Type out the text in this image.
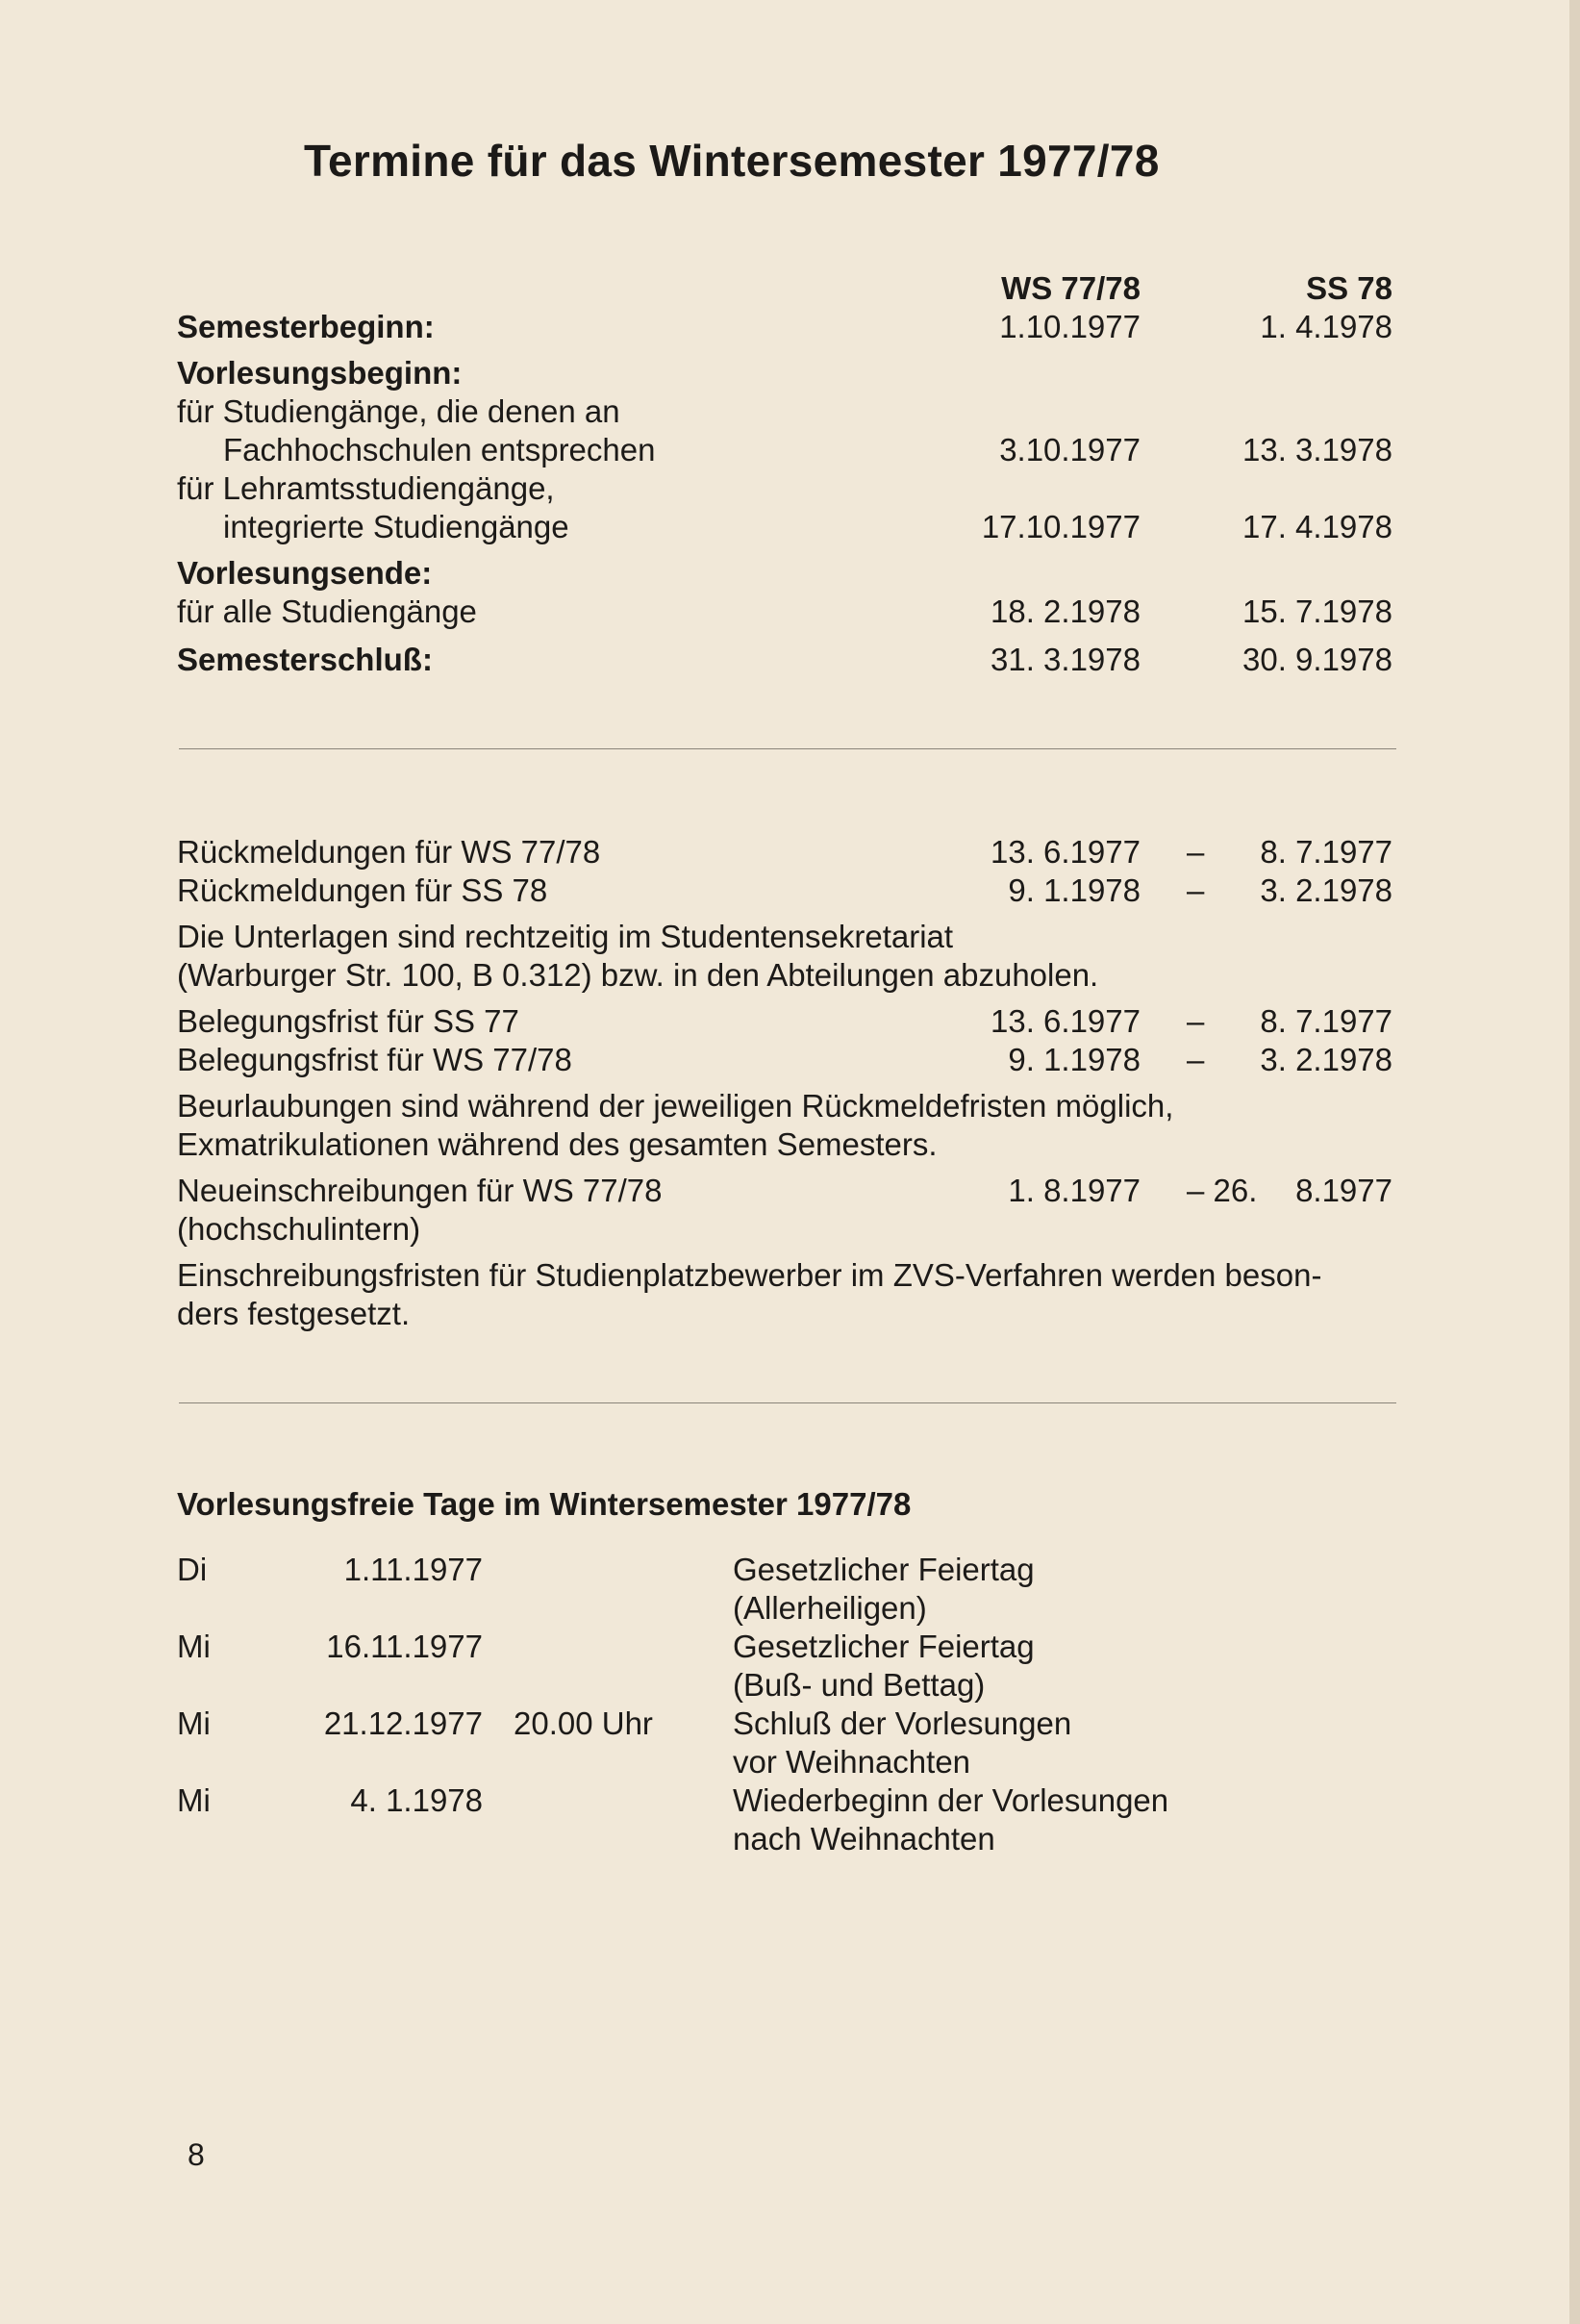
Termine für das Wintersemester 1977/78
WS 77/78	SS 78
Semesterbeginn:	1.10.1977	1. 4.1978
Vorlesungsbeginn:
für Studiengänge, die denen an
Fachhochschulen entsprechen	3.10.1977	13. 3.1978
für Lehramtsstudiengänge,
integrierte Studiengänge	17.10.1977	17. 4.1978
Vorlesungsende:
für alle Studiengänge	18. 2.1978	15. 7.1978
Semesterschluß:	31. 3.1978	30. 9.1978
Rückmeldungen für WS 77/78	13. 6.1977 –	8. 7.1977
Rückmeldungen für SS 78	9. 1.1978 –	3. 2.1978
Die Unterlagen sind rechtzeitig im Studentensekretariat
(Warburger Str. 100, B 0.312) bzw. in den Abteilungen abzuholen.
Belegungsfrist für SS 77	13. 6.1977 –	8. 7.1977
Belegungsfrist für WS 77/78	9. 1.1978 –	3. 2.1978
Beurlaubungen sind während der jeweiligen Rückmeldefristen möglich,
Exmatrikulationen während des gesamten Semesters.
Neueinschreibungen für WS 77/78	1. 8.1977 – 26.	8.1977
(hochschulintern)
Einschreibungsfristen für Studienplatzbewerber im ZVS-Verfahren werden beson-
ders festgesetzt.
Vorlesungsfreie Tage im Wintersemester 1977/78
Di	1.11.1977	Gesetzlicher Feiertag
(Allerheiligen)
Mi	16.11.1977	Gesetzlicher Feiertag
(Buß- und Bettag)
Mi	21.12.1977 20.00 Uhr	Schluß der Vorlesungen
vor Weihnachten
Mi	4. 1.1978	Wiederbeginn der Vorlesungen
nach Weihnachten
8
